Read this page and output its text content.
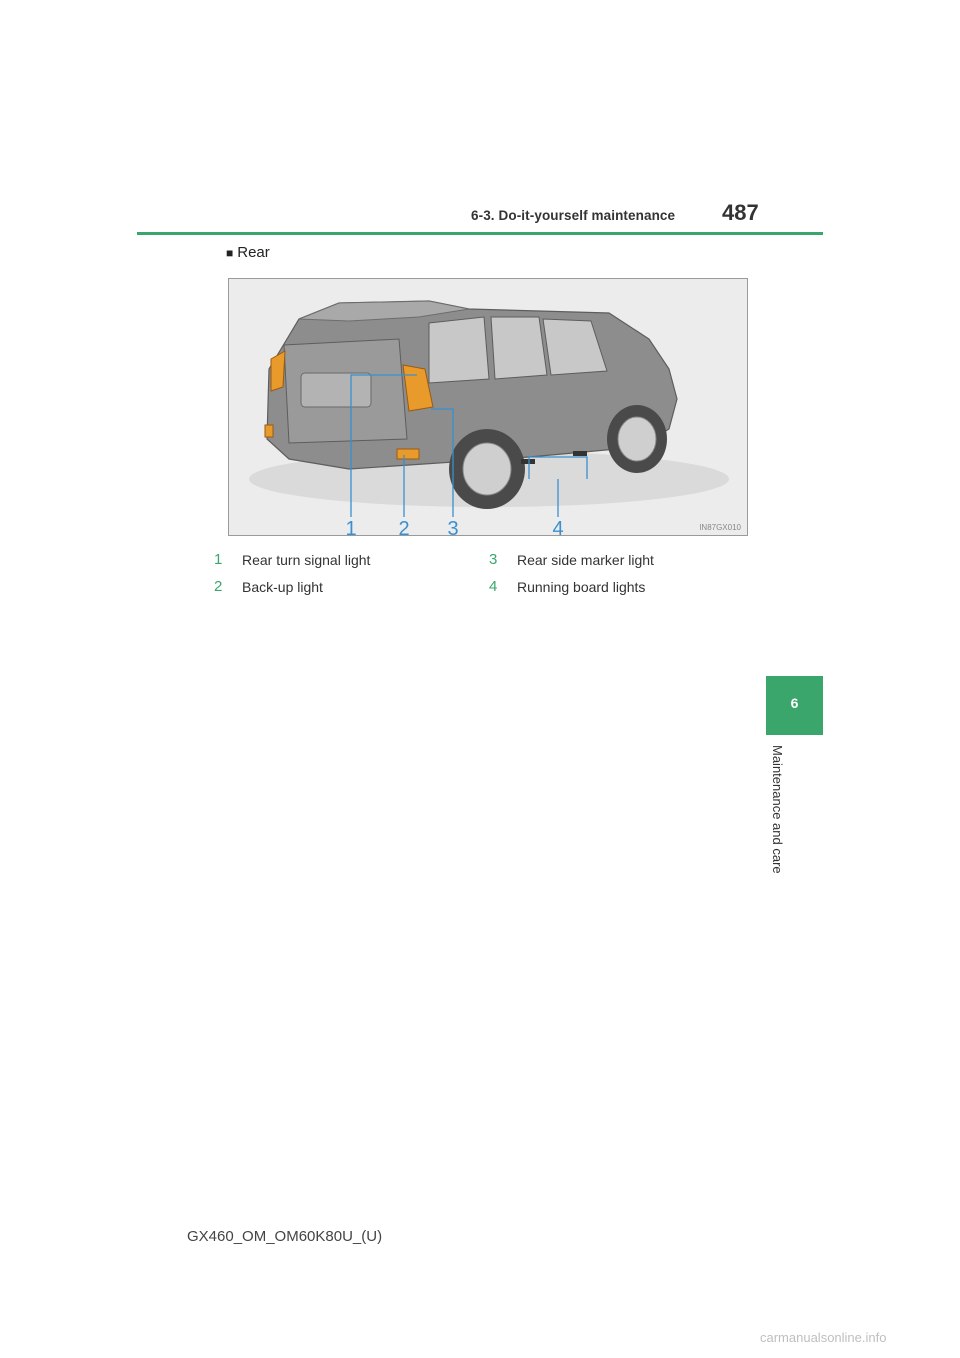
6-3. Do-it-yourself maintenance 487
■ Rear
1 2 3	4	IN87GX010
1 Rear turn signal light
2 Back-up light
3 Rear side marker light
4 Running board lights
6
Maintenance and care
GX460_OM_OM60K80U_(U)
carmanualsonline.info
